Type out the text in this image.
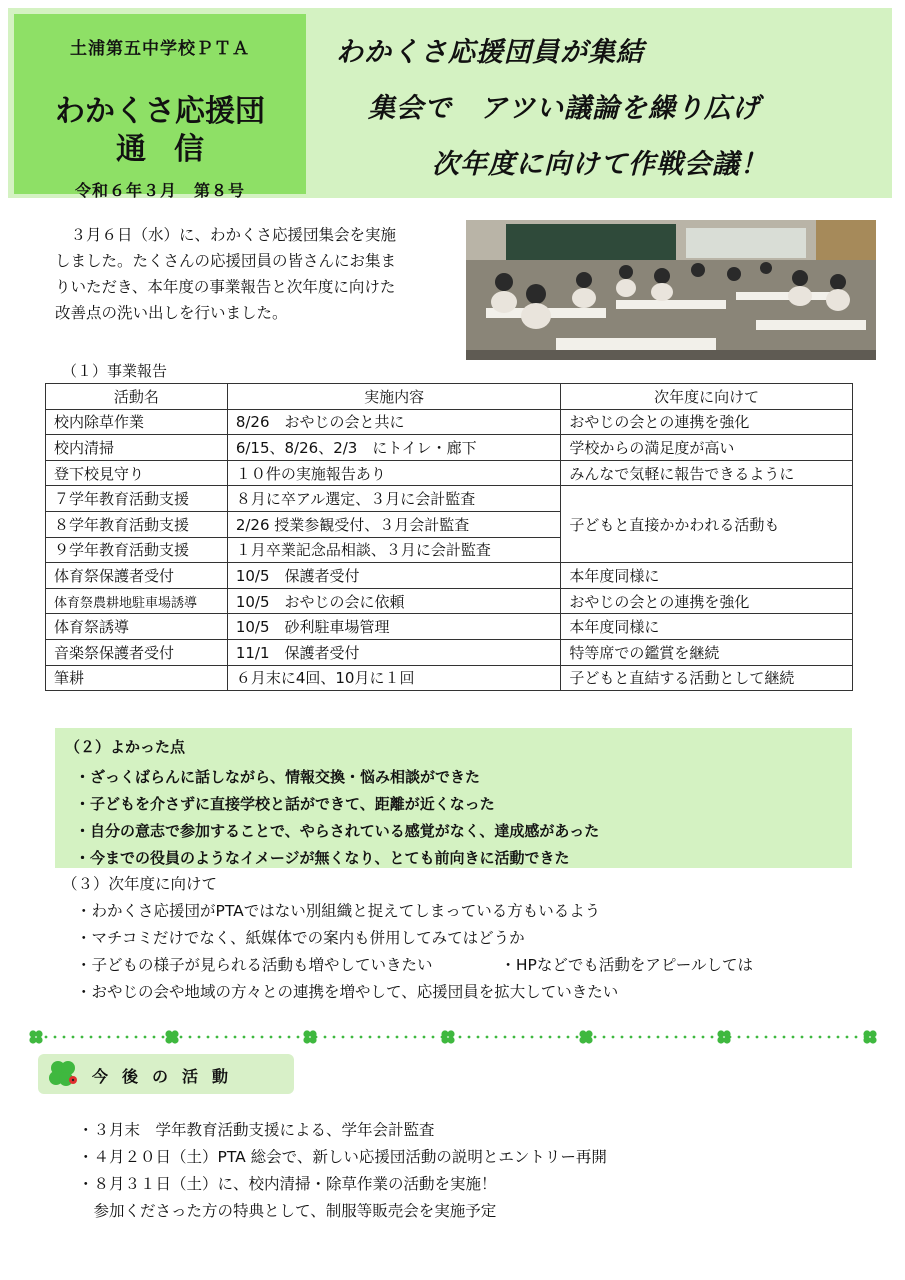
土浦第五中学校ＰＴＡ
わかくさ応援団
通信
令和６年３月　第８号
わかくさ応援団員が集結
集会で　アツい議論を繰り広げ
次年度に向けて作戦会議！
　３月６日（水）に、わかくさ応援団集会を実施
しました。たくさんの応援団員の皆さんにお集ま
りいただき、本年度の事業報告と次年度に向けた
改善点の洗い出しを行いました。
（１）事業報告
活動名	実施内容	次年度に向けて
校内除草作業	8/26　おやじの会と共に	おやじの会との連携を強化
校内清掃	6/15、8/26、2/3　にトイレ・廊下	学校からの満足度が高い
登下校見守り	１０件の実施報告あり	みんなで気軽に報告できるように
７学年教育活動支援	８月に卒アル選定、３月に会計監査	子どもと直接かかわれる活動も
８学年教育活動支援	2/26 授業参観受付、３月会計監査	
９学年教育活動支援	１月卒業記念品相談、３月に会計監査	
体育祭保護者受付	10/5　保護者受付	本年度同様に
体育祭農耕地駐車場誘導	10/5　おやじの会に依頼	おやじの会との連携を強化
体育祭誘導	10/5　砂利駐車場管理	本年度同様に
音楽祭保護者受付	11/1　保護者受付	特等席での鑑賞を継続
筆耕	６月末に4回、10月に１回	子どもと直結する活動として継続
（２）よかった点
・ざっくばらんに話しながら、情報交換・悩み相談ができた
・子どもを介さずに直接学校と話ができて、距離が近くなった
・自分の意志で参加することで、やらされている感覚がなく、達成感があった
・今までの役員のようなイメージが無くなり、とても前向きに活動できた
（３）次年度に向けて
・わかくさ応援団がPTAではない別組織と捉えてしまっている方もいるよう
・マチコミだけでなく、紙媒体での案内も併用してみてはどうか
・子どもの様子が見られる活動も増やしていきたい	・HPなどでも活動をアピールしては
・おやじの会や地域の方々との連携を増やして、応援団員を拡大していきたい
今後の活動
・３月末　学年教育活動支援による、学年会計監査
・４月２０日（土）PTA 総会で、新しい応援団活動の説明とエントリー再開
・８月３１日（土）に、校内清掃・除草作業の活動を実施！
　参加くださった方の特典として、制服等販売会を実施予定
